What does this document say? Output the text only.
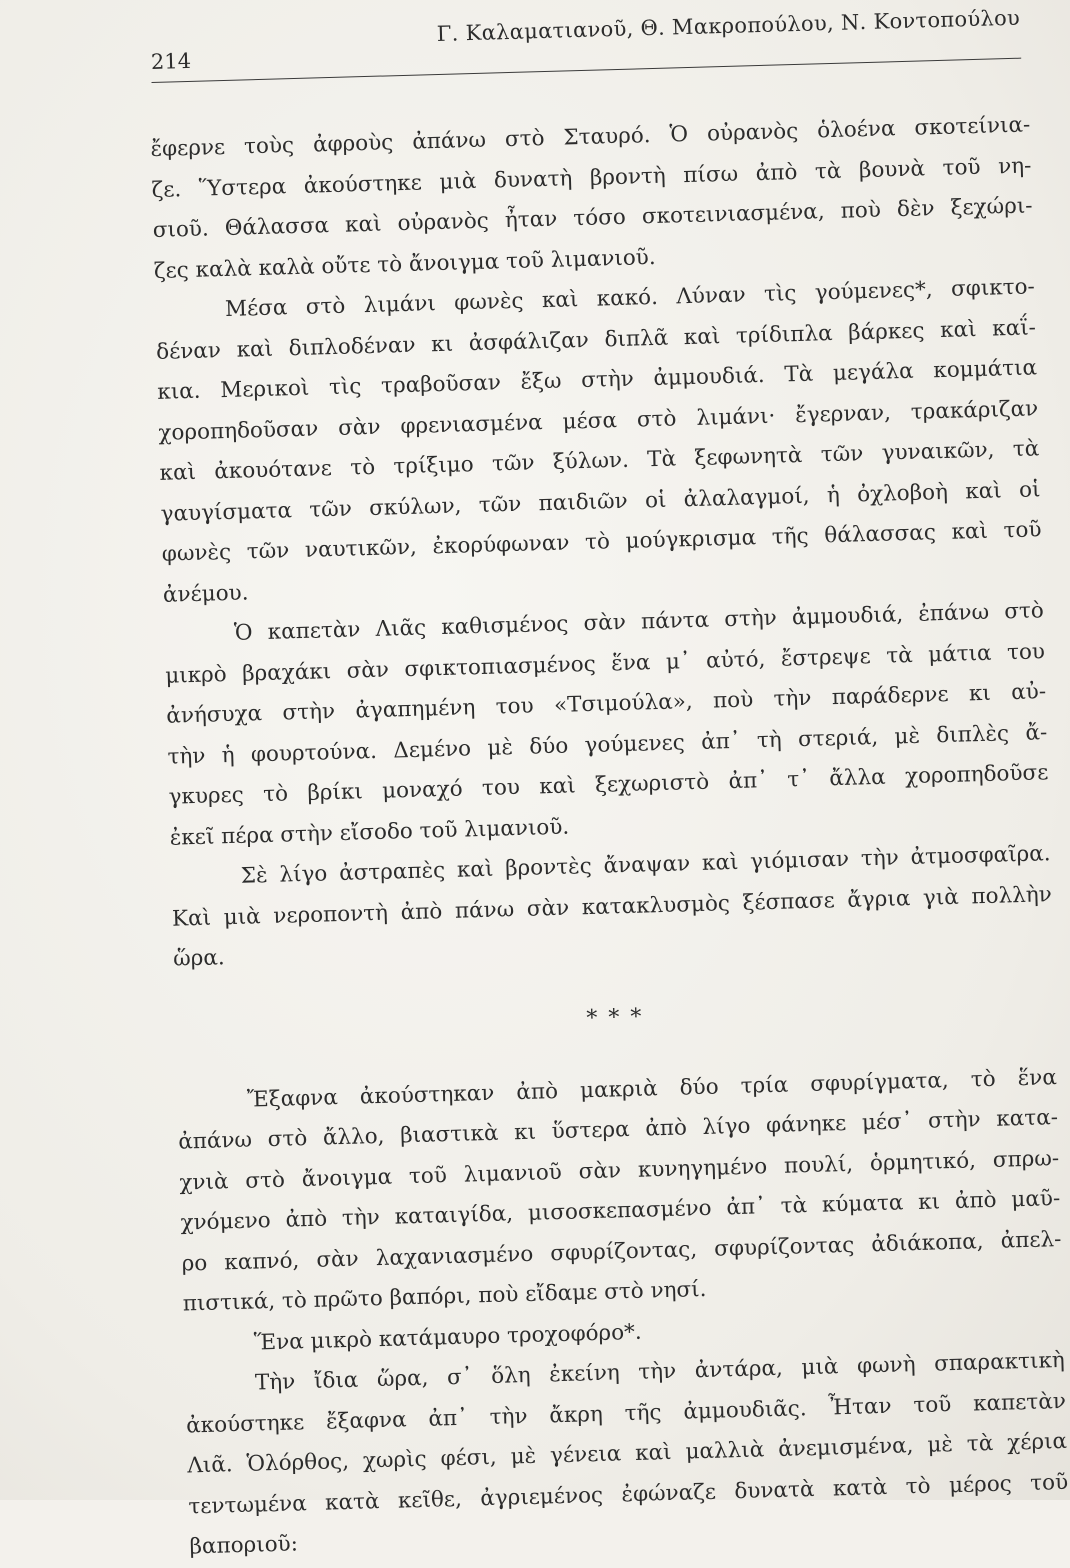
214
Γ. Καλαματιανοῦ, Θ. Μακροπούλου, Ν. Κοντοπούλου
ἔφερνε τοὺς ἀφροὺς ἀπάνω στὸ Σταυρό. Ὁ οὐρανὸς ὁλοένα σκοτείνια-
ζε. Ὕστερα ἀκούστηκε μιὰ δυνατὴ βροντὴ πίσω ἀπὸ τὰ βουνὰ τοῦ νη-
σιοῦ. Θάλασσα καὶ οὐρανὸς ἦταν τόσο σκοτεινιασμένα, ποὺ δὲν ξεχώρι-
ζες καλὰ καλὰ οὔτε τὸ ἄνοιγμα τοῦ λιμανιοῦ.
Μέσα στὸ λιμάνι φωνὲς καὶ κακό. Λύναν τὶς γούμενες*, σφικτο-
δέναν καὶ διπλοδέναν κι ἀσφάλιζαν διπλᾶ καὶ τρίδιπλα βάρκες καὶ καΐ-
κια. Μερικοὶ τὶς τραβοῦσαν ἔξω στὴν ἀμμουδιά. Τὰ μεγάλα κομμάτια
χοροπηδοῦσαν σὰν φρενιασμένα μέσα στὸ λιμάνι· ἔγερναν, τρακάριζαν
καὶ ἀκουότανε τὸ τρίξιμο τῶν ξύλων. Τὰ ξεφωνητὰ τῶν γυναικῶν, τὰ
γαυγίσματα τῶν σκύλων, τῶν παιδιῶν οἱ ἀλαλαγμοί, ἡ ὀχλοβοὴ καὶ οἱ
φωνὲς τῶν ναυτικῶν, ἐκορύφωναν τὸ μούγκρισμα τῆς θάλασσας καὶ τοῦ
ἀνέμου.
Ὁ καπετὰν Λιᾶς καθισμένος σὰν πάντα στὴν ἀμμουδιά, ἐπάνω στὸ
μικρὸ βραχάκι σὰν σφικτοπιασμένος ἕνα μ᾽ αὐτό, ἔστρεψε τὰ μάτια του
ἀνήσυχα στὴν ἀγαπημένη του «Τσιμούλα», ποὺ τὴν παράδερνε κι αὐ-
τὴν ἡ φουρτούνα. Δεμένο μὲ δύο γούμενες ἀπ᾽ τὴ στεριά, μὲ διπλὲς ἄ-
γκυρες τὸ βρίκι μοναχό του καὶ ξεχωριστὸ ἀπ᾽ τ᾽ ἄλλα χοροπηδοῦσε
ἐκεῖ πέρα στὴν εἴσοδο τοῦ λιμανιοῦ.
Σὲ λίγο ἀστραπὲς καὶ βροντὲς ἄναψαν καὶ γιόμισαν τὴν ἀτμοσφαῖρα.
Καὶ μιὰ νεροποντὴ ἀπὸ πάνω σὰν κατακλυσμὸς ξέσπασε ἄγρια γιὰ πολλὴν
ὥρα.
* * *
Ἔξαφνα ἀκούστηκαν ἀπὸ μακριὰ δύο τρία σφυρίγματα, τὸ ἕνα
ἀπάνω στὸ ἄλλο, βιαστικὰ κι ὕστερα ἀπὸ λίγο φάνηκε μέσ᾽ στὴν κατα-
χνιὰ στὸ ἄνοιγμα τοῦ λιμανιοῦ σὰν κυνηγημένο πουλί, ὁρμητικό, σπρω-
χνόμενο ἀπὸ τὴν καταιγίδα, μισοσκεπασμένο ἀπ᾽ τὰ κύματα κι ἀπὸ μαῦ-
ρο καπνό, σὰν λαχανιασμένο σφυρίζοντας, σφυρίζοντας ἀδιάκοπα, ἀπελ-
πιστικά, τὸ πρῶτο βαπόρι, ποὺ εἴδαμε στὸ νησί.
Ἕνα μικρὸ κατάμαυρο τροχοφόρο*.
Τὴν ἴδια ὥρα, σ᾽ ὅλη ἐκείνη τὴν ἀντάρα, μιὰ φωνὴ σπαρακτικὴ
ἀκούστηκε ἔξαφνα ἀπ᾽ τὴν ἄκρη τῆς ἀμμουδιᾶς. Ἦταν τοῦ καπετὰν
Λιᾶ. Ὁλόρθος, χωρὶς φέσι, μὲ γένεια καὶ μαλλιὰ ἀνεμισμένα, μὲ τὰ χέρια
τεντωμένα κατὰ κεῖθε, ἀγριεμένος ἐφώναζε δυνατὰ κατὰ τὸ μέρος τοῦ
βαποριοῦ:
